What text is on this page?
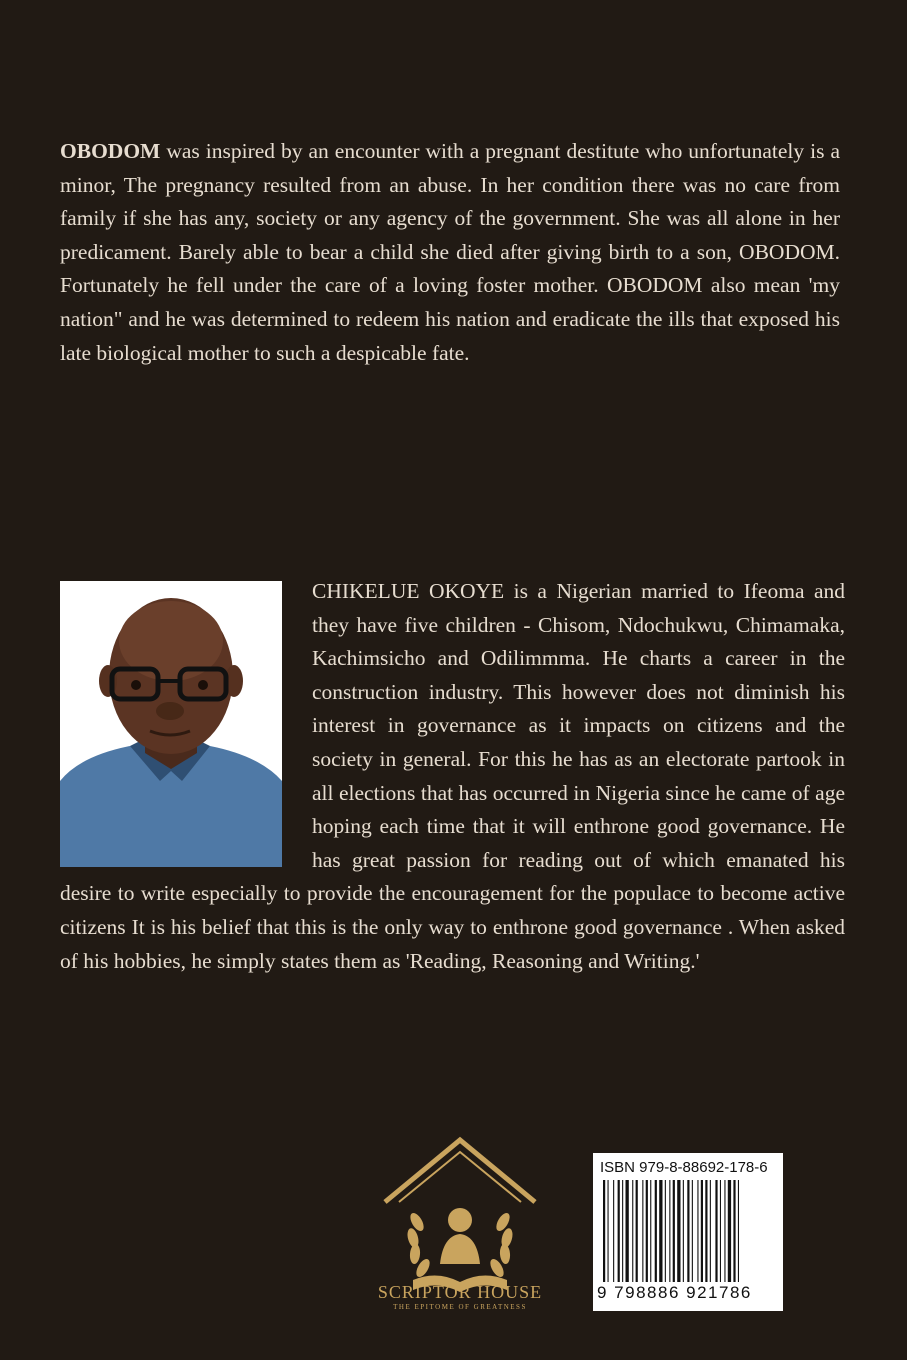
OBODOM was inspired by an encounter with a pregnant destitute who unfortunately is a minor, The pregnancy resulted from an abuse. In her condition there was no care from family if she has any, society or any agency of the government. She was all alone in her predicament. Barely able to bear a child she died after giving birth to a son, OBODOM. Fortunately he fell under the care of a loving foster mother. OBODOM also mean 'my nation" and he was determined to redeem his nation and eradicate the ills that exposed his late biological mother to such a despicable fate.

CHIKELUE OKOYE is a Nigerian married to Ifeoma and they have five children - Chisom, Ndochukwu, Chimamaka, Kachimsicho and Odilimmma. He charts a career in the construction industry. This however does not diminish his interest in governance as it impacts on citizens and the society in general. For this he has as an electorate partook in all elections that has occurred in Nigeria since he came of age hoping each time that it will enthrone good governance. He has great passion for reading out of which emanated his desire to write especially to provide the encouragement for the populace to become active citizens It is his belief that this is the only way to enthrone good governance . When asked of his hobbies, he simply states them as 'Reading, Reasoning and Writing.'
SCRIPTOR HOUSE
THE EPITOME OF GREATNESS
ISBN 979-8-88692-178-6
9 798886 921786
